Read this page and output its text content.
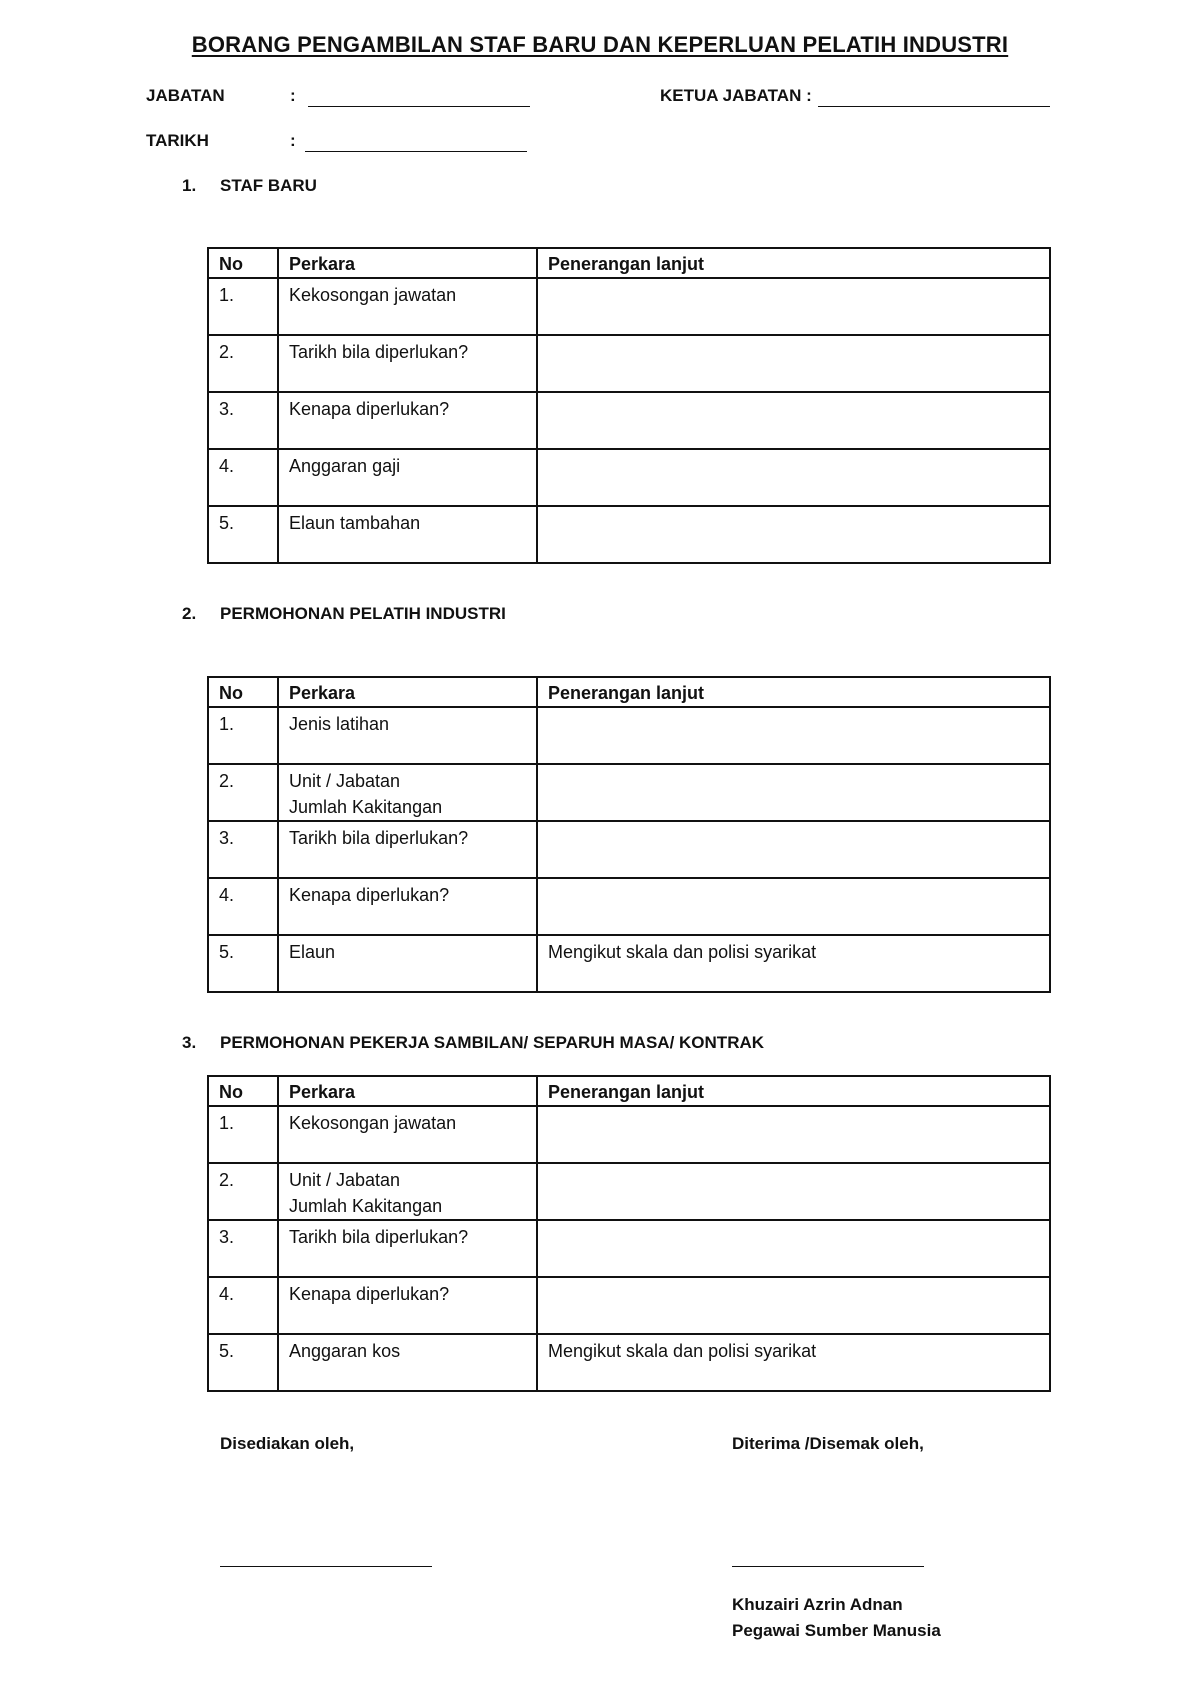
BORANG PENGAMBILAN STAF BARU DAN KEPERLUAN PELATIH INDUSTRI
JABATAN	:	KETUA JABATAN :
TARIKH	:
1. STAF BARU
No	Perkara	Penerangan lanjut
1.	Kekosongan jawatan	
2.	Tarikh bila diperlukan?	
3.	Kenapa diperlukan?	
4.	Anggaran gaji	
5.	Elaun tambahan	
2. PERMOHONAN PELATIH INDUSTRI
No	Perkara	Penerangan lanjut
1.	Jenis latihan	
2.	Unit / Jabatan
Jumlah Kakitangan	

3.	Tarikh bila diperlukan?	
4.	Kenapa diperlukan?	
5.	Elaun	Mengikut skala dan polisi syarikat
3. PERMOHONAN PEKERJA SAMBILAN/ SEPARUH MASA/ KONTRAK
No	Perkara	Penerangan lanjut
1.	Kekosongan jawatan	
2.	Unit / Jabatan
Jumlah Kakitangan	

3.	Tarikh bila diperlukan?	
4.	Kenapa diperlukan?	
5.	Anggaran kos	Mengikut skala dan polisi syarikat
Disediakan oleh,	Diterima /Disemak oleh,
Khuzairi Azrin Adnan
Pegawai Sumber Manusia
